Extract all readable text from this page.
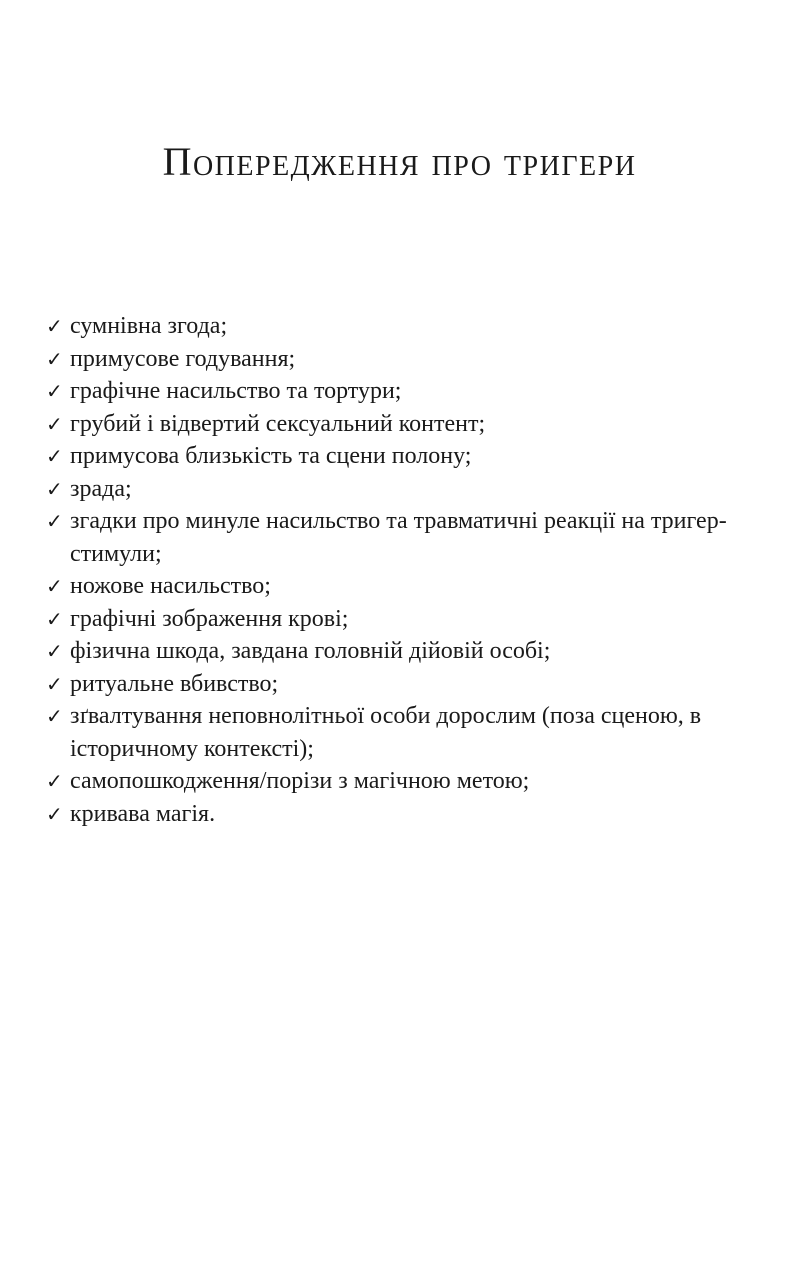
Попередження про тригери
✓ сумнівна згода;
✓ примусове годування;
✓ графічне насильство та тортури;
✓ грубий і відвертий сексуальний контент;
✓ примусова близькість та сцени полону;
✓ зрада;
✓ згадки про минуле насильство та травматичні реакції на тригер-стимули;
✓ ножове насильство;
✓ графічні зображення крові;
✓ фізична шкода, завдана головній дійовій особі;
✓ ритуальне вбивство;
✓ зґвалтування неповнолітньої особи дорослим (поза сценою, в історичному контексті);
✓ самопошкодження/порізи з магічною метою;
✓ кривава магія.
